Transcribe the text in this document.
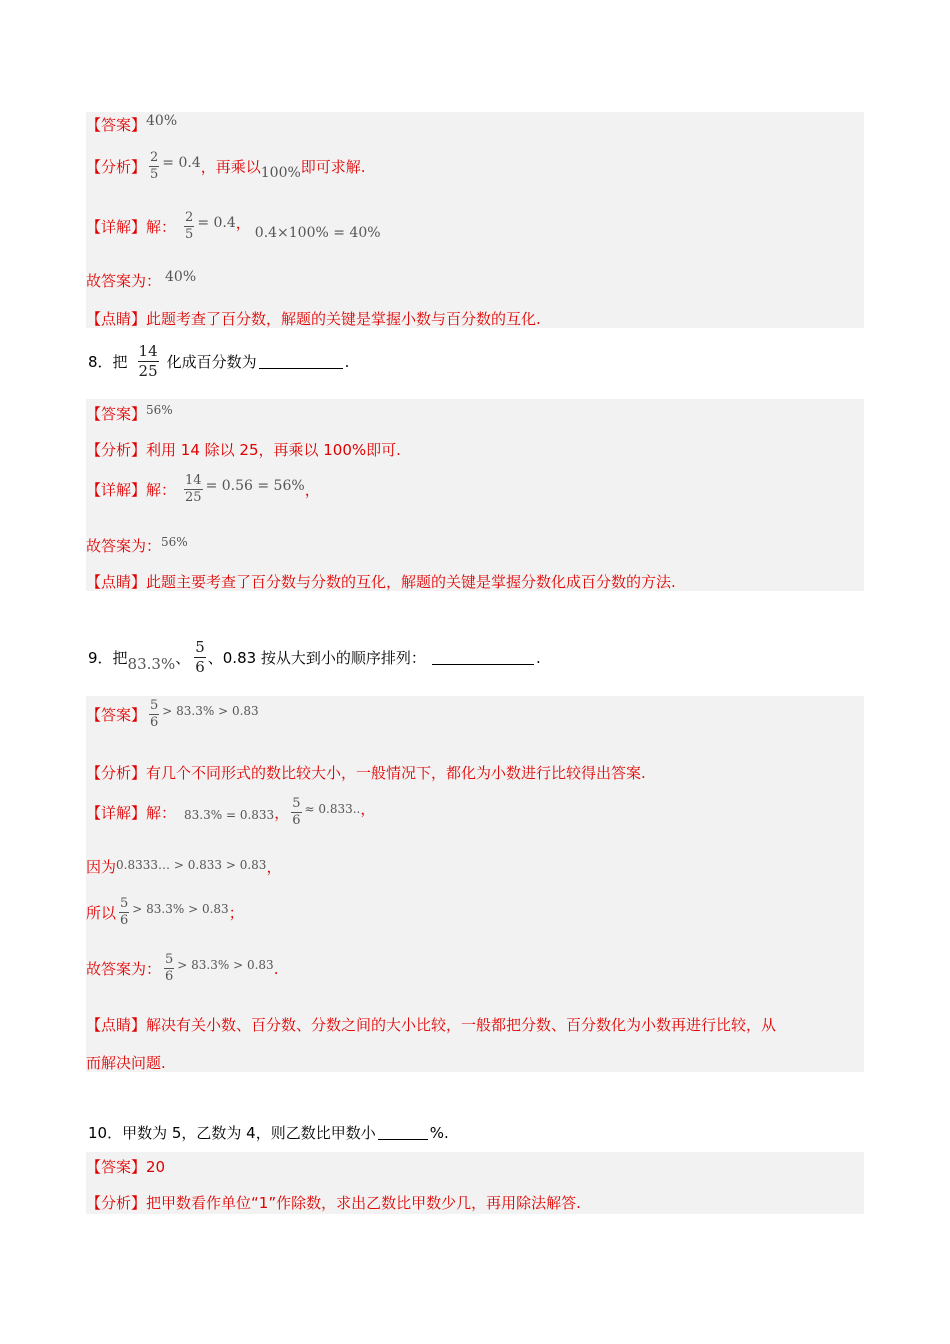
【答案】 40%
【分析】 $\frac{2}{5} = 0.4$ ，再乘以 100% 即可求解.
【详解】 解： $\frac{2}{5} = 0.4$ ，
0.4×100% = 40%
故答案为： 40%
【点睛】 此题考查了百分数，解题的关键是掌握小数与百分数的互化.
8．把 $\frac{14}{25}$ 化成百分数为	.
【答案】 56%
【分析】 利用 14 除以 25，再乘以 100%即可.
【详解】 解： $\frac{14}{25} = 0.56 = 56\%$ ，
故答案为： 56%
【点睛】 此题主要考查了百分数与分数的互化，解题的关键是掌握分数化成百分数的方法.
9．把 83.3% 、 $\frac{5}{6}$ 、0.83 按从大到小的顺序排列：	.
【答案】 $\frac{5}{6} > 83.3\% > 0.83$
【分析】 有几个不同形式的数比较大小，一般情况下，都化为小数进行比较得出答案.
【详解】 解： 83.3% = 0.833 ， $\frac{5}{6} \approx 0.833$.. ，
因为 0.8333… > 0.833 > 0.83 ，
所以 $\frac{5}{6} > 83.3\% > 0.83$ ；
故答案为： $\frac{5}{6} > 83.3\% > 0.83$ .
【点睛】 解决有关小数、百分数、分数之间的大小比较，一般都把分数、百分数化为小数再进行比较，从
而解决问题.
10．甲数为 5，乙数为 4，则乙数比甲数小	%.
【答案】 20
【分析】 把甲数看作单位“1”作除数，求出乙数比甲数少几，再用除法解答.
